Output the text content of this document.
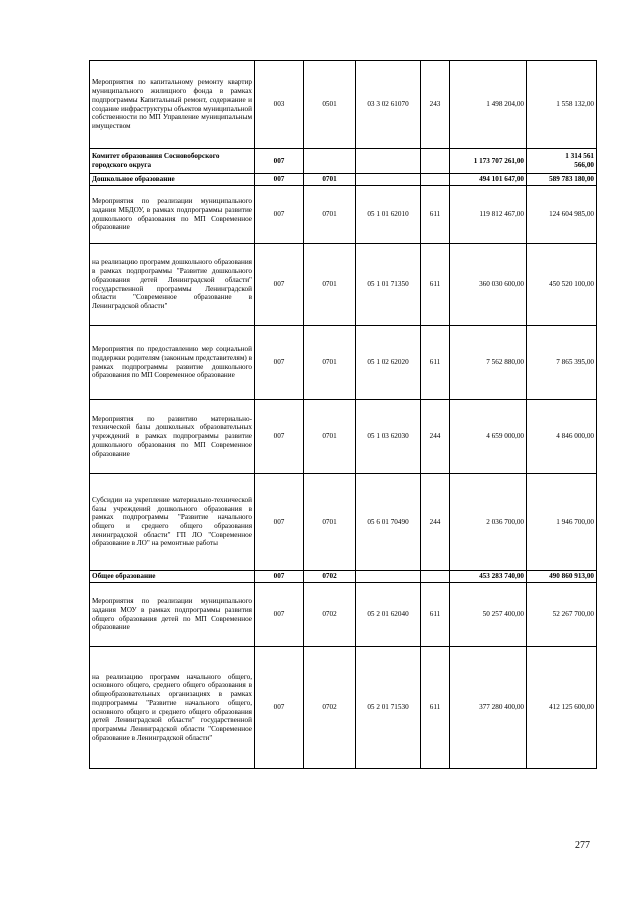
Мероприятия по капитальному ремонту квартир муниципального жилищного фонда в рамках подпрограммы Капитальный ремонт, содержание и создание инфраструктуры объектов муниципальной собственности по МП Управление муниципальным имуществом	003	0501	03 3 02 61070	243	1 498 204,00	1 558 132,00
Комитет образования Сосновоборского городского округа	007				1 173 707 261,00	1 314 561 566,00
Дошкольное образование	007	0701			494 101 647,00	589 783 180,00
Мероприятия по реализации муниципального задания МБДОУ, в рамках подпрограммы развитие дошкольного образования по МП Современное образование	007	0701	05 1 01 62010	611	119 812 467,00	124 604 985,00
на реализацию программ дошкольного образования в рамках подпрограммы "Развитие дошкольного образования детей Ленинградской области" государственной программы Ленинградской области "Современное образование в Ленинградской области"	007	0701	05 1 01 71350	611	360 030 600,00	450 520 100,00
Мероприятия по предоставлению мер социальной поддержки родителям (законным представителям) в рамках подпрограммы развитие дошкольного образования по МП Современное образование	007	0701	05 1 02 62020	611	7 562 880,00	7 865 395,00
Мероприятия по развитию материально-технической базы дошкольных образовательных учреждений в рамках подпрограммы развитие дошкольного образования по МП Современное образование	007	0701	05 1 03 62030	244	4 659 000,00	4 846 000,00
Субсидии на укрепление материально-технической базы учреждений дошкольного образования в рамках подпрограммы "Развитие начального общего и среднего общего образования ленинградской области" ГП ЛО "Современное образование в ЛО" на ремонтные работы	007	0701	05 6 01 70490	244	2 036 700,00	1 946 700,00
Общее образование	007	0702			453 283 740,00	490 860 913,00
Мероприятия по реализации муниципального задания МОУ в рамках подпрограммы развития общего образования детей по МП Современное образование	007	0702	05 2 01 62040	611	50 257 400,00	52 267 700,00
на реализацию программ начального общего, основного общего, среднего общего образования в общеобразовательных организациях в рамках подпрограммы "Развитие начального общего, основного общего и среднего общего образования детей Ленинградской области" государственной программы Ленинградской области "Современное образование в Ленинградской области"	007	0702	05 2 01 71530	611	377 280 400,00	412 125 600,00
277
